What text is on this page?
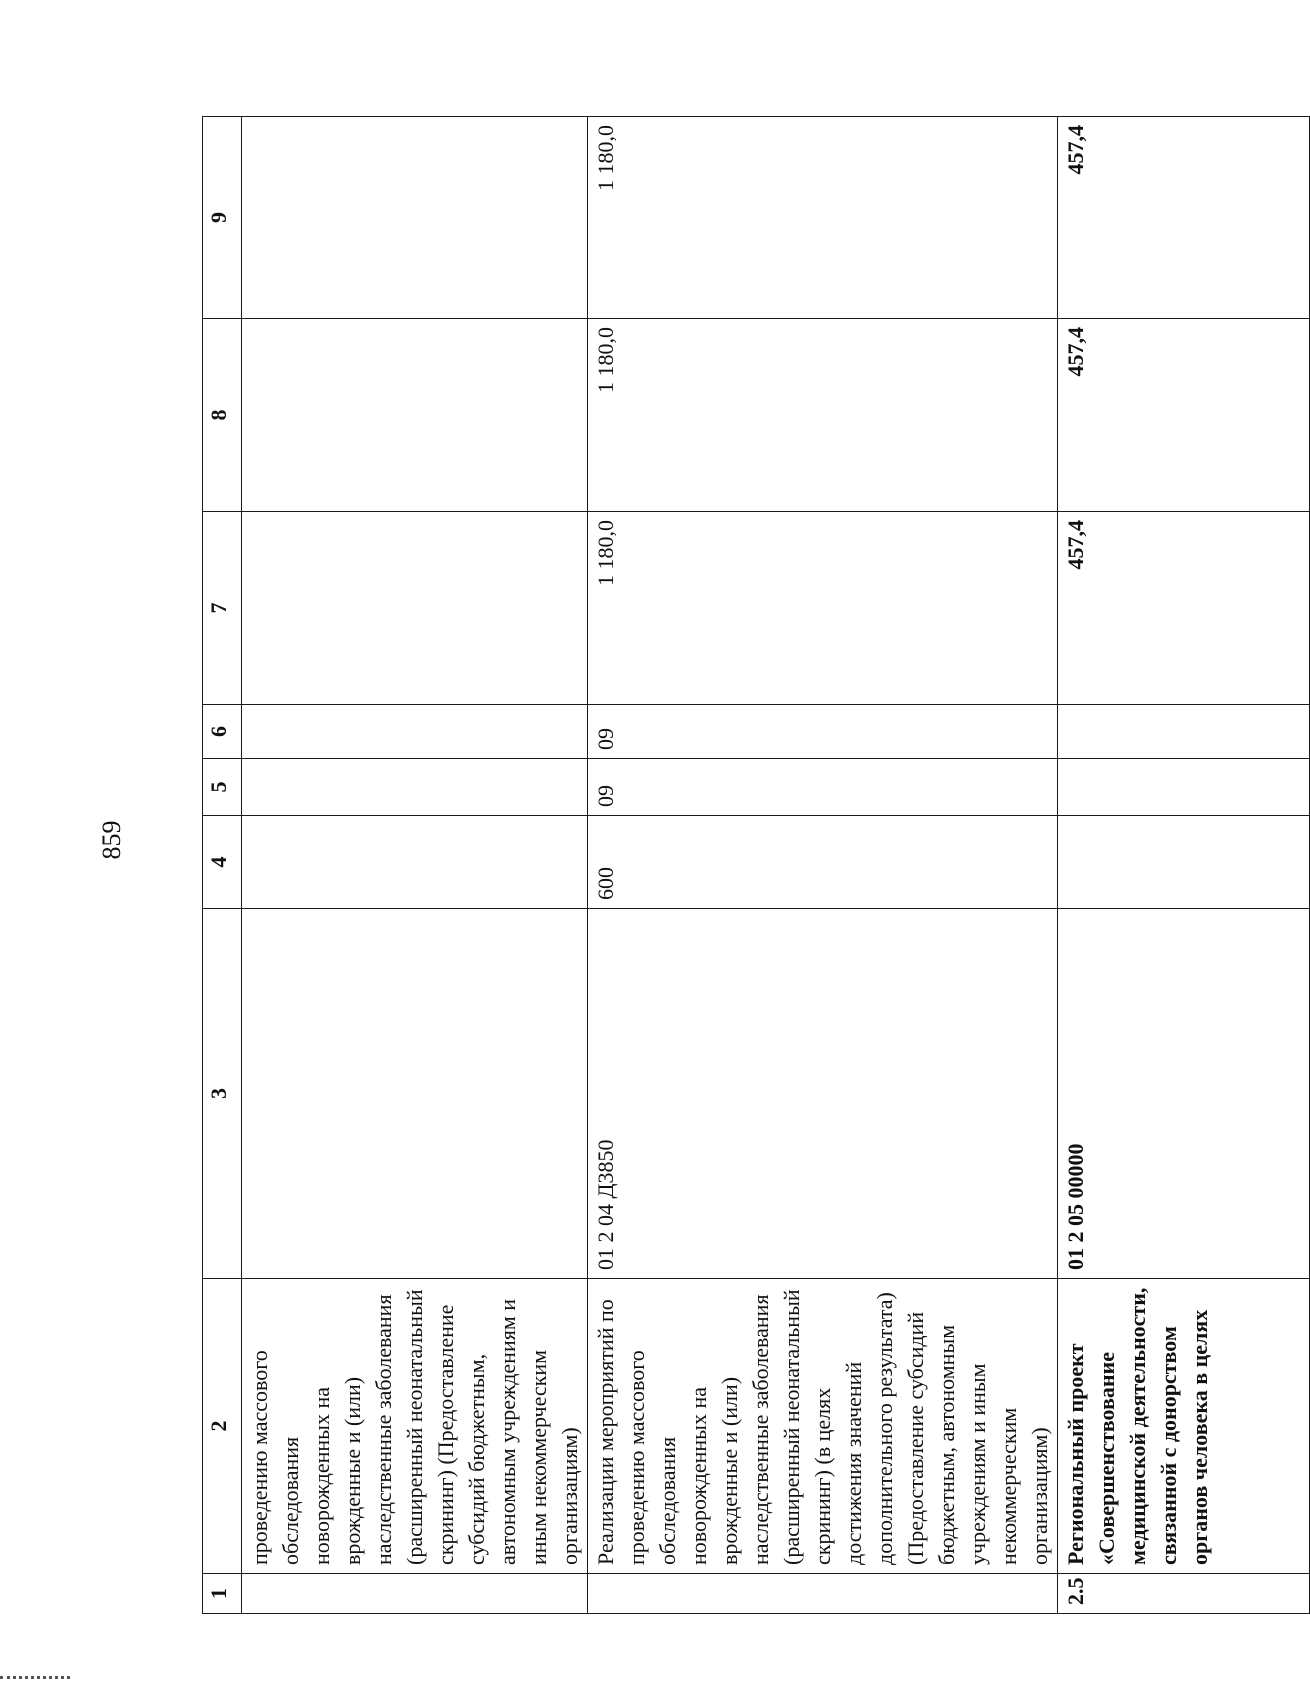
859
1	2	3	4	5	6	7	8	9
	проведению массового обследования новорожденных на врожденные и (или) наследственные заболевания (расширенный неонатальный скрининг) (Предоставление субсидий бюджетным, автономным учреждениям и иным некоммерческим организациям)							
	Реализации мероприятий по проведению массового обследования новорожденных на врожденные и (или) наследственные заболевания (расширенный неонатальный скрининг) (в целях достижения значений дополнительного результата) (Предоставление субсидий бюджетным, автономным учреждениям и иным некоммерческим организациям)	01 2 04 Д3850	600	09	09	1 180,0	1 180,0	1 180,0
2.5	Региональный проект «Совершенствование медицинской деятельности, связанной с донорством органов человека в целях	01 2 05 00000				457,4	457,4	457,4
